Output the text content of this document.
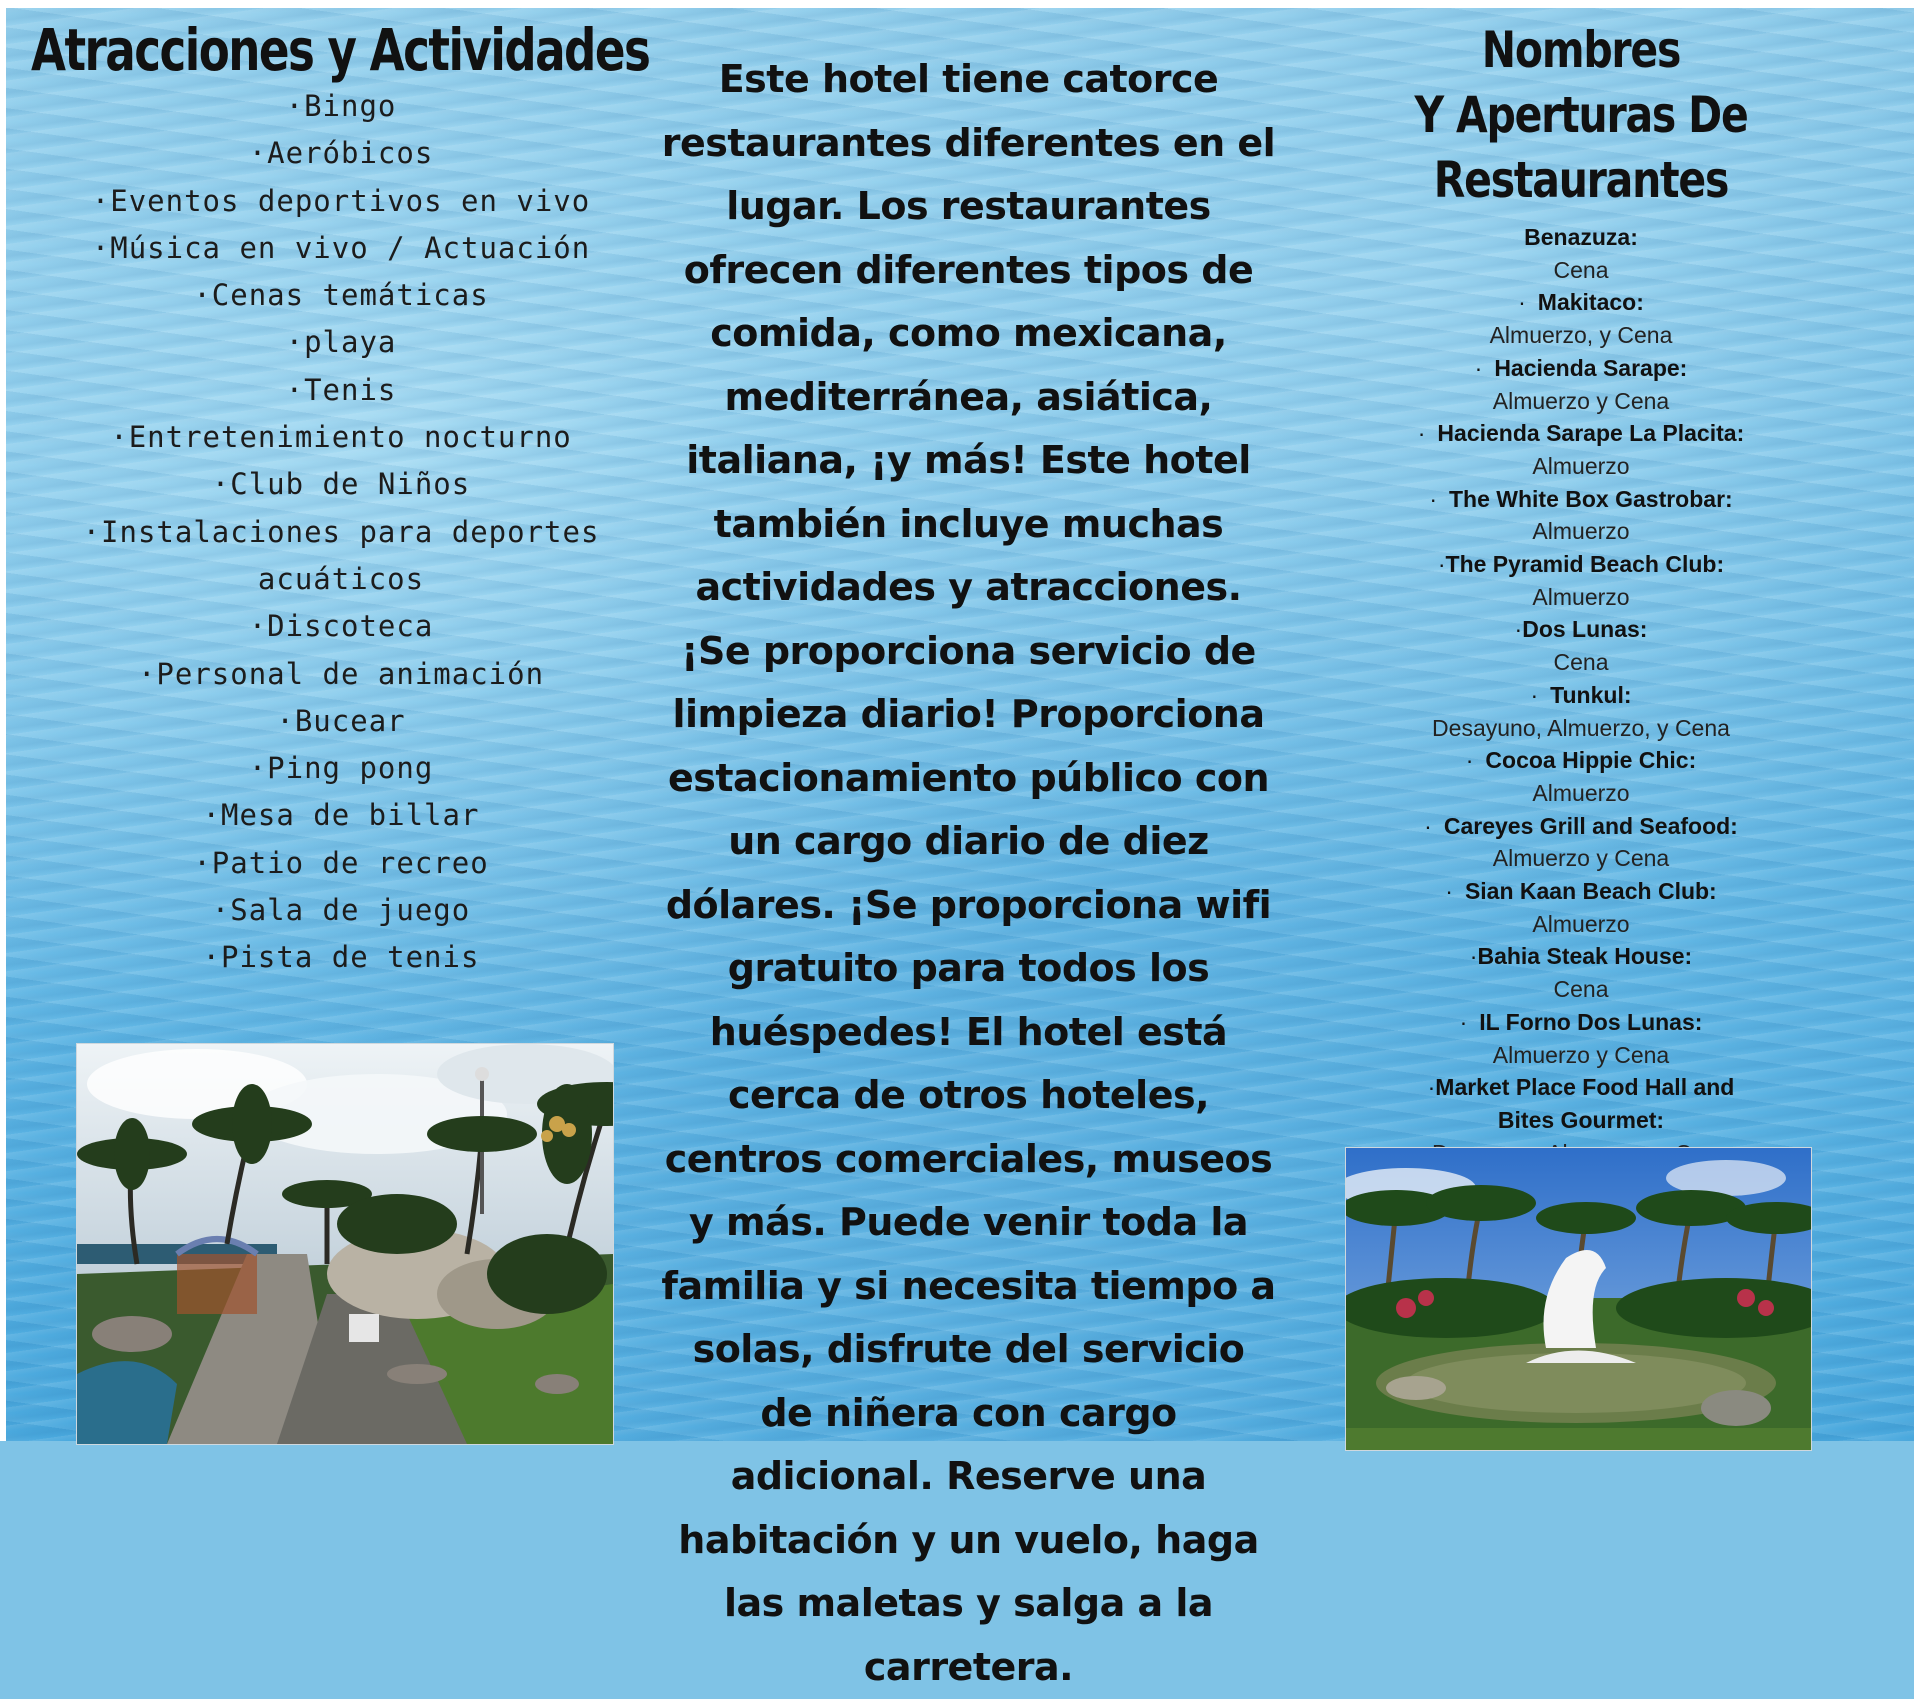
Atracciones y Actividades
·Bingo
·Aeróbicos
·Eventos deportivos en vivo
·Música en vivo / Actuación
·Cenas temáticas
·playa
·Tenis
·Entretenimiento nocturno
·Club de Niños
·Instalaciones para deportes acuáticos
·Discoteca
·Personal de animación
·Bucear
·Ping pong
·Mesa de billar
·Patio de recreo
·Sala de juego
·Pista de tenis

Este hotel tiene catorce restaurantes diferentes en el lugar. Los restaurantes ofrecen diferentes tipos de comida, como mexicana, mediterránea, asiática, italiana, ¡y más! Este hotel también incluye muchas actividades y atracciones. ¡Se proporciona servicio de limpieza diario! Proporciona estacionamiento público con un cargo diario de diez dólares. ¡Se proporciona wifi gratuito para todos los huéspedes! El hotel está cerca de otros hoteles, centros comerciales, museos y más. Puede venir toda la familia y si necesita tiempo a solas, disfrute del servicio de niñera con cargo adicional. Reserve una habitación y un vuelo, haga las maletas y salga a la carretera.

Nombres

Y Aperturas De Restaurantes

Benazuza:
Cena
· Makitaco:
Almuerzo, y Cena
· Hacienda Sarape:
Almuerzo y Cena
· Hacienda Sarape La Placita:
Almuerzo
· The White Box Gastrobar:
Almuerzo
·The Pyramid Beach Club:
Almuerzo
·Dos Lunas:
Cena
· Tunkul:
Desayuno, Almuerzo, y Cena
· Cocoa Hippie Chic:
Almuerzo
· Careyes Grill and Seafood:
Almuerzo y Cena
· Sian Kaan Beach Club:
Almuerzo
·Bahia Steak House:
Cena
· IL Forno Dos Lunas:
Almuerzo y Cena
·Market Place Food Hall and Bites Gourmet:
